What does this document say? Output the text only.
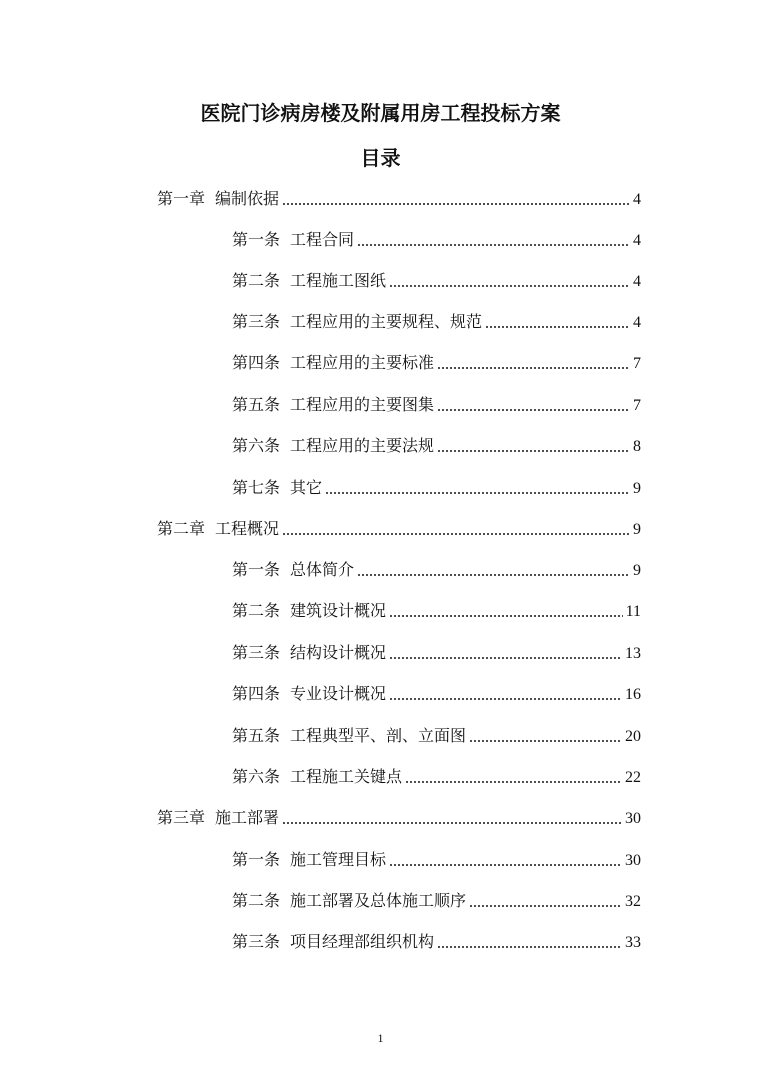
医院门诊病房楼及附属用房工程投标方案
目录
第一章 编制依据	4
第一条 工程合同	4
第二条 工程施工图纸	4
第三条 工程应用的主要规程、规范	4
第四条 工程应用的主要标准	7
第五条 工程应用的主要图集	7
第六条 工程应用的主要法规	8
第七条 其它	9
第二章 工程概况	9
第一条 总体简介	9
第二条 建筑设计概况	11
第三条 结构设计概况	13
第四条 专业设计概况	16
第五条 工程典型平、剖、立面图	20
第六条 工程施工关键点	22
第三章 施工部署	30
第一条 施工管理目标	30
第二条 施工部署及总体施工顺序	32
第三条 项目经理部组织机构	33
1
